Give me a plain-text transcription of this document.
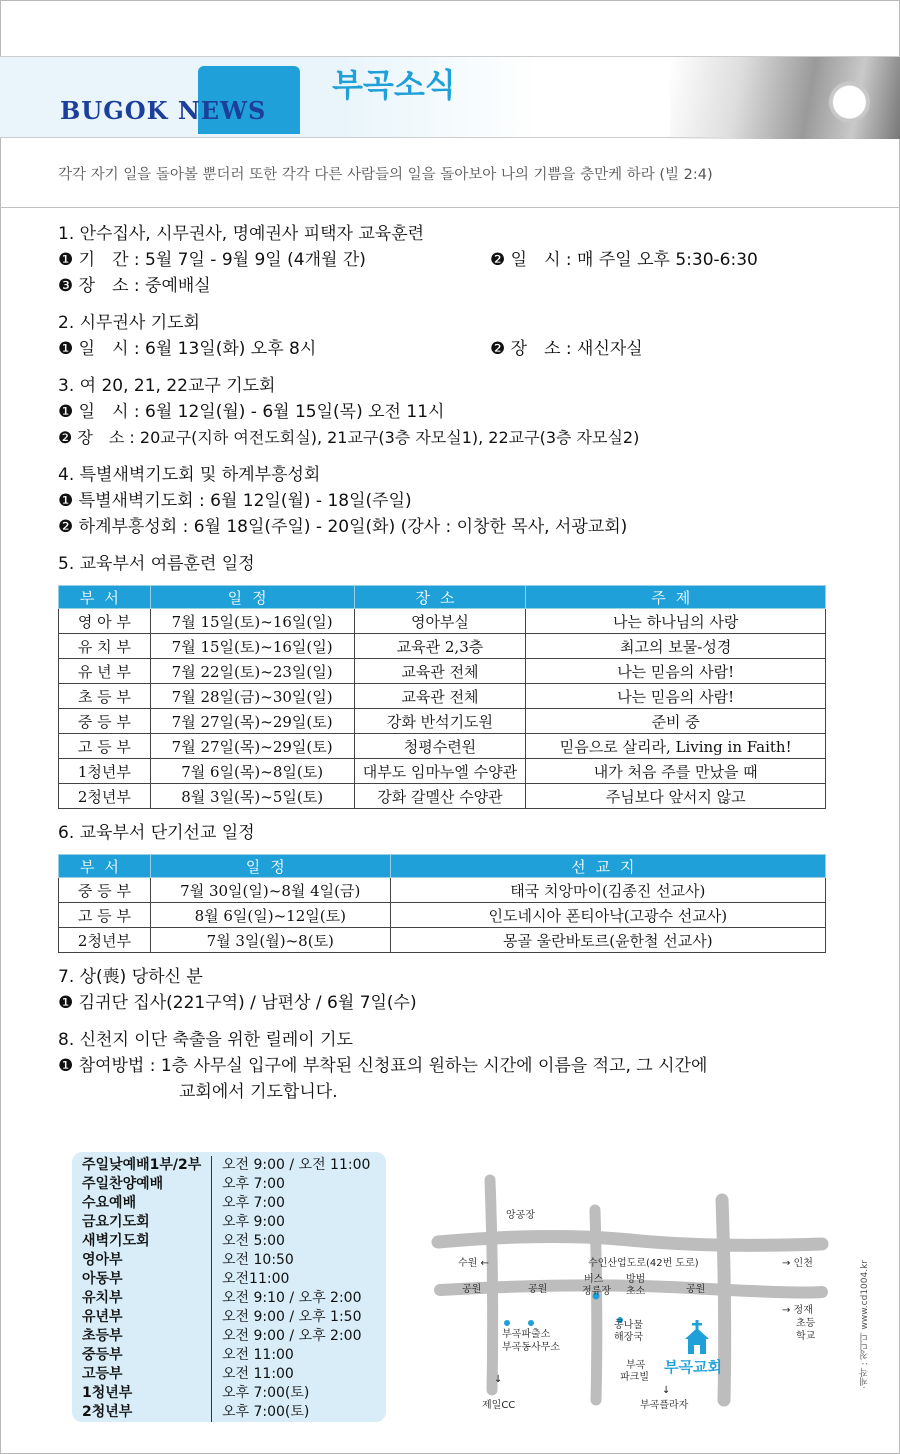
BUGOK NEWS
부곡소식
각각 자기 일을 돌아볼 뿐더러 또한 각각 다른 사람들의 일을 돌아보아 나의 기쁨을 충만케 하라 (빌 2:4)
1. 안수집사, 시무권사, 명예권사 피택자 교육훈련
❶ 기　간 : 5월 7일 - 9월 9일 (4개월 간)	❷ 일　시 : 매 주일 오후 5:30-6:30
❸ 장　소 : 중예배실
2. 시무권사 기도회
❶ 일　시 : 6월 13일(화) 오후 8시	❷ 장　소 : 새신자실
3. 여 20, 21, 22교구 기도회
❶ 일　시 : 6월 12일(월) - 6월 15일(목) 오전 11시
❷ 장　소 : 20교구(지하 여전도회실), 21교구(3층 자모실1), 22교구(3층 자모실2)
4. 특별새벽기도회 및 하계부흥성회
❶ 특별새벽기도회 : 6월 12일(월) - 18일(주일)
❷ 하계부흥성회 : 6월 18일(주일) - 20일(화) (강사 : 이창한 목사, 서광교회)
5. 교육부서 여름훈련 일정
부서	일정	장소	주제
영 아 부	7월 15일(토)~16일(일)	영아부실	나는 하나님의 사랑
유 치 부	7월 15일(토)~16일(일)	교육관 2,3층	최고의 보물-성경
유 년 부	7월 22일(토)~23일(일)	교육관 전체	나는 믿음의 사람!
초 등 부	7월 28일(금)~30일(일)	교육관 전체	나는 믿음의 사람!
중 등 부	7월 27일(목)~29일(토)	강화 반석기도원	준비 중
고 등 부	7월 27일(목)~29일(토)	청평수련원	믿음으로 살리라, Living in Faith!
1청년부	7월 6일(목)~8일(토)	대부도 임마누엘 수양관	내가 처음 주를 만났을 때
2청년부	8월 3일(목)~5일(토)	강화 갈멜산 수양관	주님보다 앞서지 않고
6. 교육부서 단기선교 일정
부서	일정	선교지
중 등 부	7월 30일(일)~8월 4일(금)	태국 치앙마이(김종진 선교사)
고 등 부	8월 6일(일)~12일(토)	인도네시아 폰티아낙(고광수 선교사)
2청년부	7월 3일(월)~8(토)	몽골 울란바토르(윤한철 선교사)
7. 상(喪) 당하신 분
❶ 김귀단 집사(221구역) / 남편상 / 6월 7일(수)
8. 신천지 이단 축출을 위한 릴레이 기도
❶ 참여방법 : 1층 사무실 입구에 부착된 신청표의 원하는 시간에 이름을 적고, 그 시간에
교회에서 기도합니다.
주일낮예배1부/2부	오전 9:00 / 오전 11:00
주일찬양예배	오후 7:00
수요예배	오후 7:00
금요기도회	오후 9:00
새벽기도회	오전 5:00
영아부	오전 10:50
아동부	오전11:00
유치부	오전 9:10 / 오후 2:00
유년부	오전 9:00 / 오후 1:50
초등부	오전 9:00 / 오후 2:00
중등부	오전 11:00
고등부	오전 11:00
1청년부	오후 7:00(토)
2청년부	오후 7:00(토)
앙공장
수원 ←	수인산업도로(42번 도로)	→ 인천
공원	공원	공원
버스
정류장
방범
초소
→ 정재
초등
학교
부곡파출소
부곡동사무소
콩나물
해장국
부곡
파크빌
부곡교회
↓
제일CC
↓
부곡플라자
·제작 : 청디디 www.cd1004.kr
